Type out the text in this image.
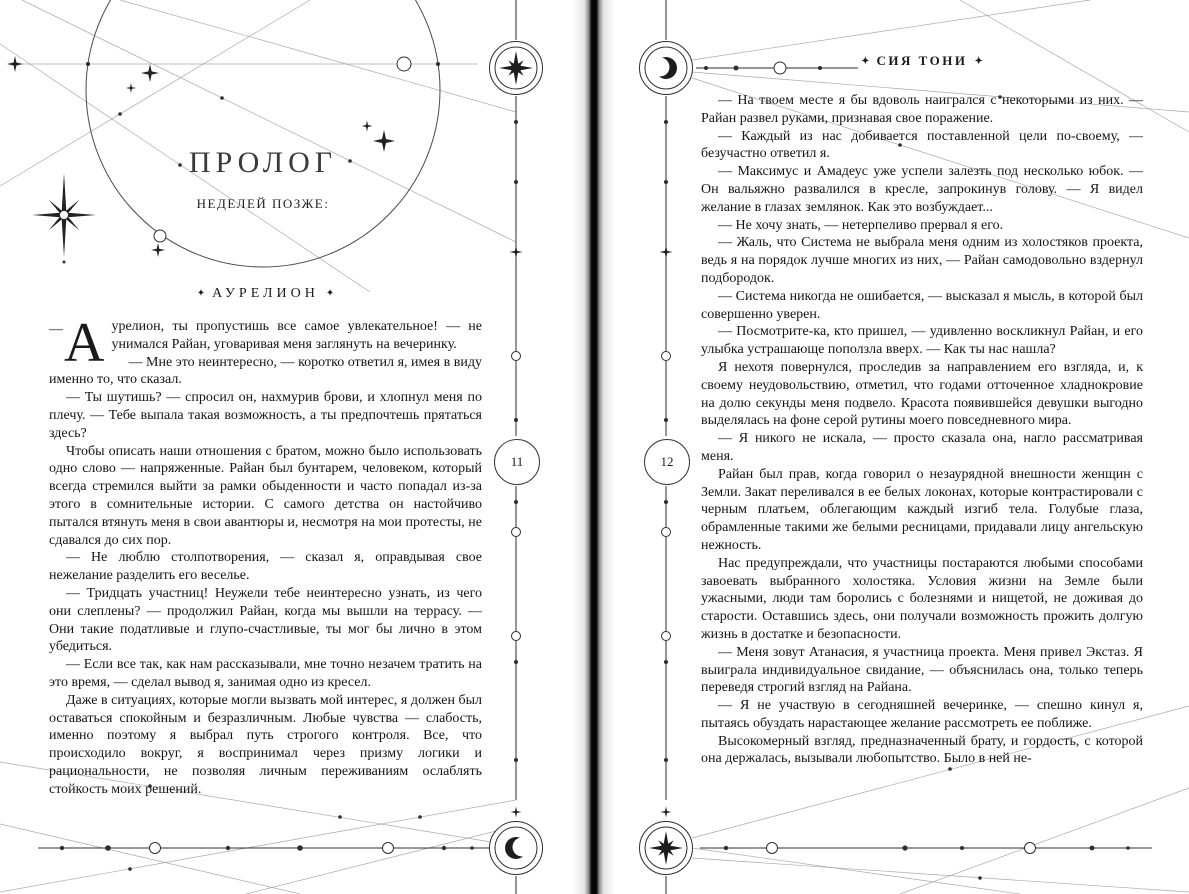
ПРОЛОГ
НЕДЕЛЕЙ ПОЗЖЕ:
✦ АУРЕЛИОН ✦

—А урелион, ты пропустишь все самое увлекательное! — не унимался Райан, уговаривая меня заглянуть на вечеринку.

— Мне это неинтересно, — коротко ответил я, имея в виду именно то, что сказал.

— Ты шутишь? — спросил он, нахмурив брови, и хлопнул меня по плечу. — Тебе выпала такая возможность, а ты предпочтешь прятаться здесь?

Чтобы описать наши отношения с братом, можно было использовать одно слово — напряженные. Райан был бунтарем, человеком, который всегда стремился выйти за рамки обыденности и часто попадал из-за этого в сомнительные истории. С самого детства он настойчиво пытался втянуть меня в свои авантюры и, несмотря на мои протесты, не сдавался до сих пор.

— Не люблю столпотворения, — сказал я, оправдывая свое нежелание разделить его веселье.

— Тридцать участниц! Неужели тебе неинтересно узнать, из чего они слеплены? — продолжил Райан, когда мы вышли на террасу. — Они такие податливые и глупо-счастливые, ты мог бы лично в этом убедиться.

— Если все так, как нам рассказывали, мне точно незачем тратить на это время, — сделал вывод я, занимая одно из кресел.

Даже в ситуациях, которые могли вызвать мой интерес, я должен был оставаться спокойным и безразличным. Любые чувства — слабость, именно поэтому я выбрал путь строгого контроля. Все, что происходило вокруг, я воспринимал через призму логики и рациональности, не позволяя личным переживаниям ослаблять стойкость моих решений.

11
✦ СИЯ ТОНИ ✦

— На твоем месте я бы вдоволь наигрался с некоторыми из них. — Райан развел руками, признавая свое поражение.

— Каждый из нас добивается поставленной цели по-своему, — безучастно ответил я.

— Максимус и Амадеус уже успели залезть под несколько юбок. — Он вальяжно развалился в кресле, запрокинув голову. — Я видел желание в глазах землянок. Как это возбуждает...

— Не хочу знать, — нетерпеливо прервал я его.

— Жаль, что Система не выбрала меня одним из холостяков проекта, ведь я на порядок лучше многих из них, — Райан самодовольно вздернул подбородок.

— Система никогда не ошибается, — высказал я мысль, в которой был совершенно уверен.

— Посмотрите-ка, кто пришел, — удивленно воскликнул Райан, и его улыбка устрашающе поползла вверх. — Как ты нас нашла?

Я нехотя повернулся, проследив за направлением его взгляда, и, к своему неудовольствию, отметил, что годами отточенное хладнокровие на долю секунды меня подвело. Красота появившейся девушки выгодно выделялась на фоне серой рутины моего повседневного мира.

— Я никого не искала, — просто сказала она, нагло рассматривая меня.

Райан был прав, когда говорил о незаурядной внешности женщин с Земли. Закат переливался в ее белых локонах, которые контрастировали с черным платьем, облегающим каждый изгиб тела. Голубые глаза, обрамленные такими же белыми ресницами, придавали лицу ангельскую нежность.

Нас предупреждали, что участницы постараются любыми способами завоевать выбранного холостяка. Условия жизни на Земле были ужасными, люди там боролись с болезнями и нищетой, не доживая до старости. Оставшись здесь, они получали возможность прожить долгую жизнь в достатке и безопасности.

— Меня зовут Атанасия, я участница проекта. Меня привел Экстаз. Я выиграла индивидуальное свидание, — объяснилась она, только теперь переведя строгий взгляд на Райана.

— Я не участвую в сегодняшней вечеринке, — спешно кинул я, пытаясь обуздать нарастающее желание рассмотреть ее поближе.

Высокомерный взгляд, предназначенный брату, и гордость, с которой она держалась, вызывали любопытство. Было в ней не-

12
